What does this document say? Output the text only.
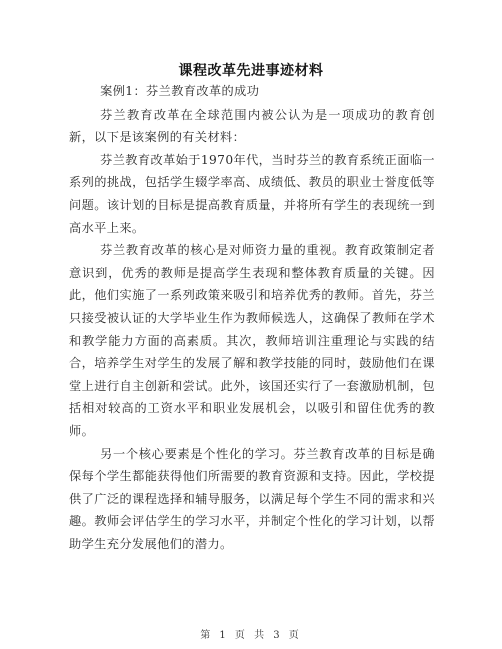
课程改革先进事迹材料

案例1：芬兰教育改革的成功

芬兰教育改革在全球范围内被公认为是一项成功的教育创新，以下是该案例的有关材料：

芬兰教育改革始于1970年代，当时芬兰的教育系统正面临一系列的挑战，包括学生辍学率高、成绩低、教员的职业士誉度低等问题。该计划的目标是提高教育质量，并将所有学生的表现统一到高水平上来。

芬兰教育改革的核心是对师资力量的重视。教育政策制定者意识到，优秀的教师是提高学生表现和整体教育质量的关键。因此，他们实施了一系列政策来吸引和培养优秀的教师。首先，芬兰只接受被认证的大学毕业生作为教师候选人，这确保了教师在学术和教学能力方面的高素质。其次，教师培训注重理论与实践的结合，培养学生对学生的发展了解和教学技能的同时，鼓励他们在课堂上进行自主创新和尝试。此外，该国还实行了一套激励机制，包括相对较高的工资水平和职业发展机会，以吸引和留住优秀的教师。

另一个核心要素是个性化的学习。芬兰教育改革的目标是确保每个学生都能获得他们所需要的教育资源和支持。因此，学校提供了广泛的课程选择和辅导服务，以满足每个学生不同的需求和兴趣。教师会评估学生的学习水平，并制定个性化的学习计划，以帮助学生充分发展他们的潜力。

第 1 页 共 3 页
